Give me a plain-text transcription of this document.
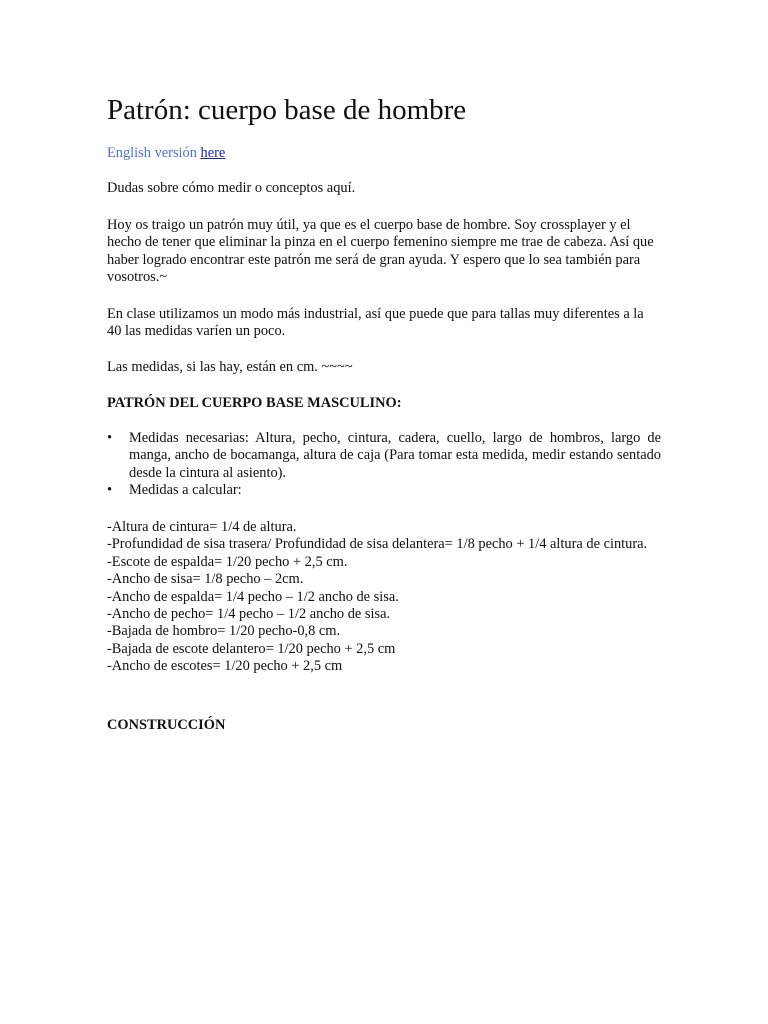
Patrón: cuerpo base de hombre
English versión here

Dudas sobre cómo medir o conceptos aquí.

Hoy os traigo un patrón muy útil, ya que es el cuerpo base de hombre. Soy crossplayer y el hecho de tener que eliminar la pinza en el cuerpo femenino siempre me trae de cabeza. Así que haber logrado encontrar este patrón me será de gran ayuda. Y espero que lo sea también para vosotros.~

En clase utilizamos un modo más industrial, así que puede que para tallas muy diferentes a la 40 las medidas varíen un poco.

Las medidas, si las hay, están en cm. ~~~~

PATRÓN DEL CUERPO BASE MASCULINO:

• Medidas necesarias: Altura, pecho, cintura, cadera, cuello, largo de hombros, largo de manga, ancho de bocamanga, altura de caja (Para tomar esta medida, medir estando sentado desde la cintura al asiento).
• Medidas a calcular:
-Altura de cintura= 1/4 de altura.
-Profundidad de sisa trasera/ Profundidad de sisa delantera= 1/8 pecho + 1/4 altura de cintura.
-Escote de espalda= 1/20 pecho + 2,5 cm.
-Ancho de sisa= 1/8 pecho – 2cm.
-Ancho de espalda= 1/4 pecho – 1/2 ancho de sisa.
-Ancho de pecho= 1/4 pecho – 1/2 ancho de sisa.
-Bajada de hombro= 1/20 pecho-0,8 cm.
-Bajada de escote delantero= 1/20 pecho + 2,5 cm
-Ancho de escotes= 1/20 pecho + 2,5 cm

CONSTRUCCIÓN
